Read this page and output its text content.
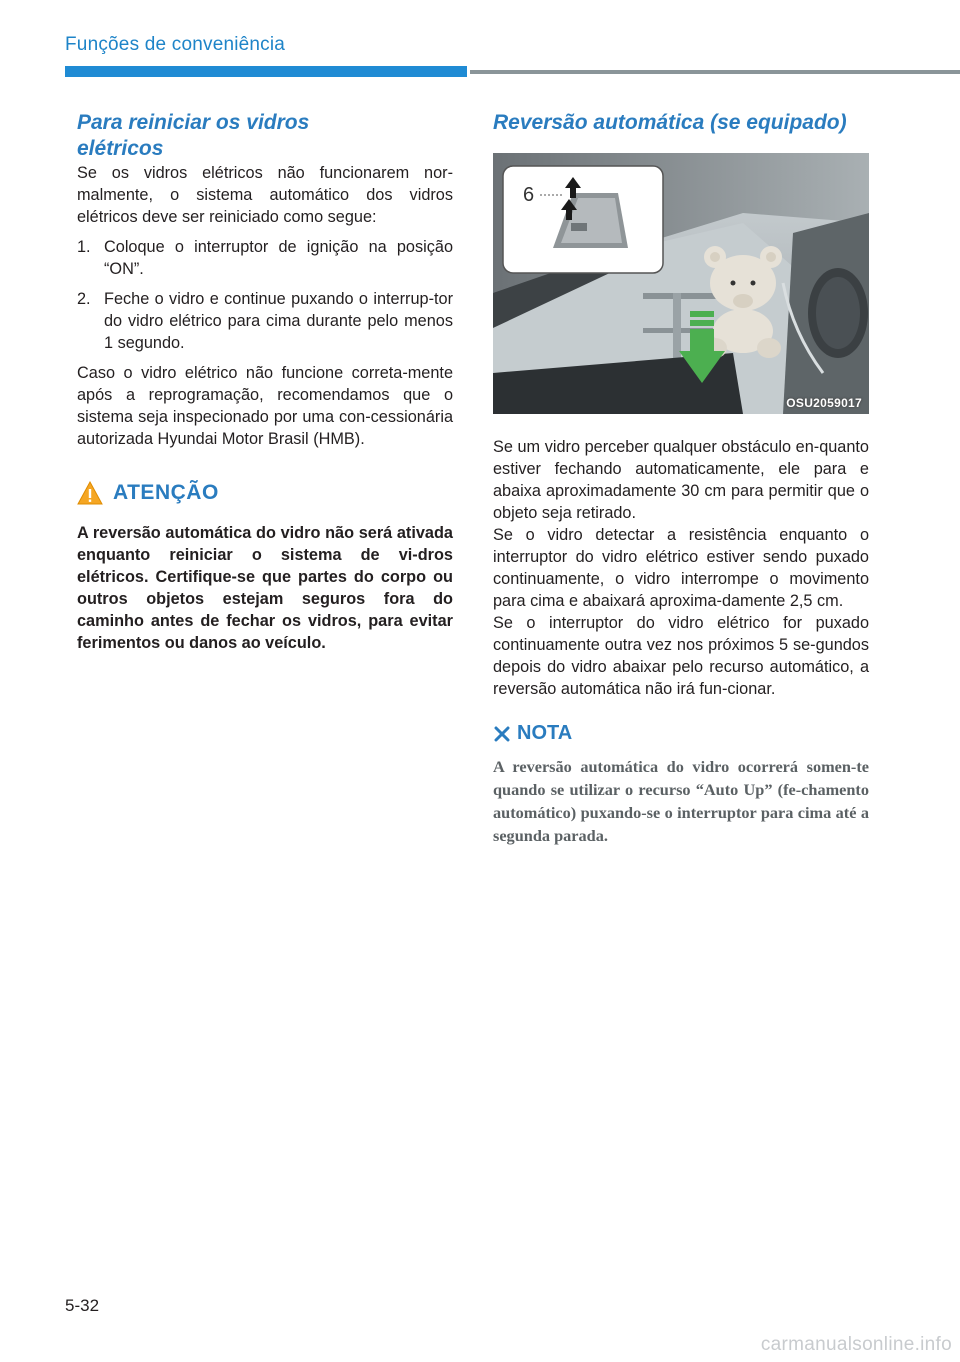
Funções de conveniência
Para reiniciar os vidros elétricos

Se os vidros elétricos não funcionarem nor-malmente, o sistema automático dos vidros elétricos deve ser reiniciado como segue:

1. Coloque o interruptor de ignição na posição “ON”.
2. Feche o vidro e continue puxando o interrup-tor do vidro elétrico para cima durante pelo menos 1 segundo.

Caso o vidro elétrico não funcione correta-mente após a reprogramação, recomendamos que o sistema seja inspecionado por uma con-cessionária autorizada Hyundai Motor Brasil (HMB).

ATENÇÃO

A reversão automática do vidro não será ativada enquanto reiniciar o sistema de vi-dros elétricos. Certifique-se que partes do corpo ou outros objetos estejam seguros fora do caminho antes de fechar os vidros, para evitar ferimentos ou danos ao veículo.

Reversão automática (se equipado)
6
OSU2059017

Se um vidro perceber qualquer obstáculo en-quanto estiver fechando automaticamente, ele para e abaixa aproximadamente 30 cm para permitir que o objeto seja retirado.

Se o vidro detectar a resistência enquanto o interruptor do vidro elétrico estiver sendo puxado continuamente, o vidro interrompe o movimento para cima e abaixará aproxima-damente 2,5 cm.

Se o interruptor do vidro elétrico for puxado continuamente outra vez nos próximos 5 se-gundos depois do vidro abaixar pelo recurso automático, a reversão automática não irá fun-cionar.

NOTA

A reversão automática do vidro ocorrerá somen-te quando se utilizar o recurso “Auto Up” (fe-chamento automático) puxando-se o interruptor para cima até a segunda parada.

5-32
carmanualsonline.info
